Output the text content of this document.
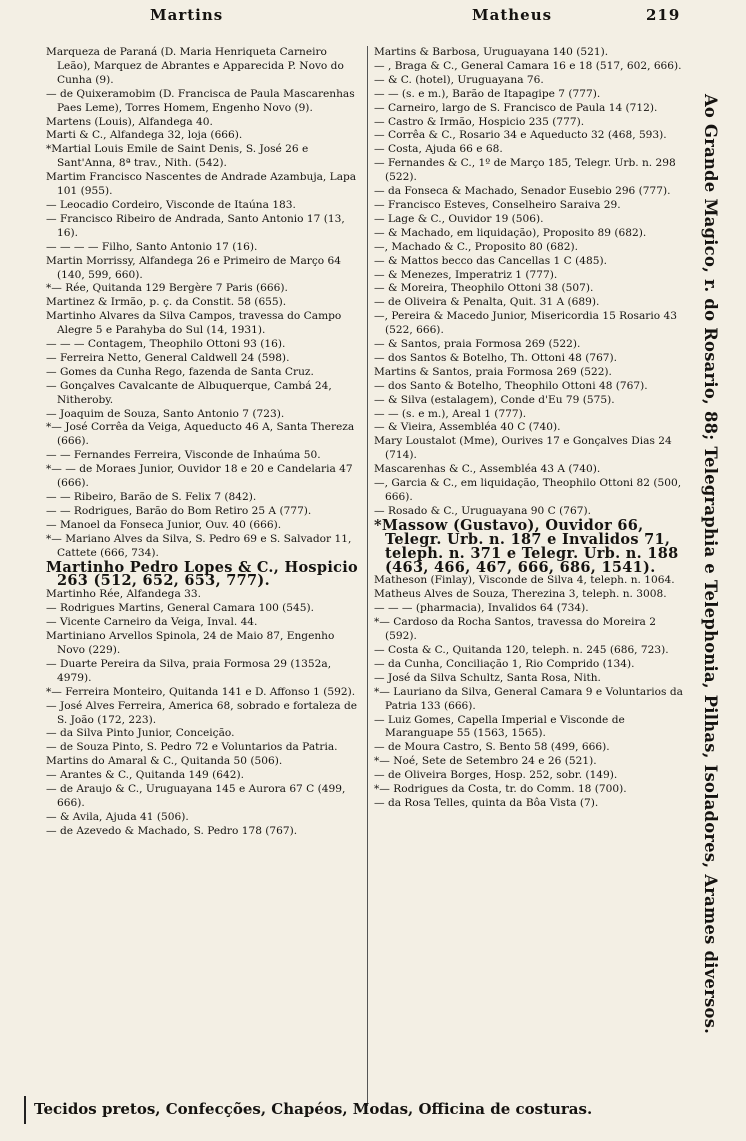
Martins	Matheus	219
Marqueza de Paraná (D. Maria Henriqueta Carneiro Leão), Marquez de Abrantes e Apparecida P. Novo do Cunha (9).
— de Quixeramobim (D. Francisca de Paula Mascarenhas Paes Leme), Torres Homem, Engenho Novo (9).
Martens (Louis), Alfandega 40.
Marti & C., Alfandega 32, loja (666).
*Martial Louis Emile de Saint Denis, S. José 26 e Sant'Anna, 8ª trav., Nith. (542).
Martim Francisco Nascentes de Andrade Azambuja, Lapa 101 (955).
— Leocadio Cordeiro, Visconde de Itaúna 183.
— Francisco Ribeiro de Andrada, Santo Antonio 17 (13, 16).
— — — — Filho, Santo Antonio 17 (16).
Martin Morrissy, Alfandega 26 e Primeiro de Março 64 (140, 599, 660).
*— Rée, Quitanda 129 Bergère 7 Paris (666).
Martinez & Irmão, p. ç. da Constit. 58 (655).
Martinho Alvares da Silva Campos, travessa do Campo Alegre 5 e Parahyba do Sul (14, 1931).
— — — Contagem, Theophilo Ottoni 93 (16).
— Ferreira Netto, General Caldwell 24 (598).
— Gomes da Cunha Rego, fazenda de Santa Cruz.
— Gonçalves Cavalcante de Albuquerque, Cambá 24, Nitheroby.
— Joaquim de Souza, Santo Antonio 7 (723).
*— José Corrêa da Veiga, Aqueducto 46 A, Santa Thereza (666).
— — Fernandes Ferreira, Visconde de Inhaúma 50.
*— — de Moraes Junior, Ouvidor 18 e 20 e Candelaria 47 (666).
— — Ribeiro, Barão de S. Felix 7 (842).
— — Rodrigues, Barão do Bom Retiro 25 A (777).
— Manoel da Fonseca Junior, Ouv. 40 (666).
*— Mariano Alves da Silva, S. Pedro 69 e S. Salvador 11, Cattete (666, 734).
Martinho Pedro Lopes & C., Hospicio 263 (512, 652, 653, 777).
Martinho Rée, Alfandega 33.
— Rodrigues Martins, General Camara 100 (545).
— Vicente Carneiro da Veiga, Inval. 44.
Martiniano Arvellos Spinola, 24 de Maio 87, Engenho Novo (229).
— Duarte Pereira da Silva, praia Formosa 29 (1352a, 4979).
*— Ferreira Monteiro, Quitanda 141 e D. Affonso 1 (592).
— José Alves Ferreira, America 68, sobrado e fortaleza de S. João (172, 223).
— da Silva Pinto Junior, Conceição.
— de Souza Pinto, S. Pedro 72 e Voluntarios da Patria.
Martins do Amaral & C., Quitanda 50 (506).
— Arantes & C., Quitanda 149 (642).
— de Araujo & C., Uruguayana 145 e Aurora 67 C (499, 666).
— & Avila, Ajuda 41 (506).
— de Azevedo & Machado, S. Pedro 178 (767).
Martins & Barbosa, Uruguayana 140 (521).
— , Braga & C., General Camara 16 e 18 (517, 602, 666).
— & C. (hotel), Uruguayana 76.
— — (s. e m.), Barão de Itapagipe 7 (777).
— Carneiro, largo de S. Francisco de Paula 14 (712).
— Castro & Irmão, Hospicio 235 (777).
— Corrêa & C., Rosario 34 e Aqueducto 32 (468, 593).
— Costa, Ajuda 66 e 68.
— Fernandes & C., 1º de Março 185, Telegr. Urb. n. 298 (522).
— da Fonseca & Machado, Senador Eusebio 296 (777).
— Francisco Esteves, Conselheiro Saraiva 29.
— Lage & C., Ouvidor 19 (506).
— & Machado, em liquidação), Proposito 89 (682).
—, Machado & C., Proposito 80 (682).
— & Mattos becco das Cancellas 1 C (485).
— & Menezes, Imperatriz 1 (777).
— & Moreira, Theophilo Ottoni 38 (507).
— de Oliveira & Penalta, Quit. 31 A (689).
—, Pereira & Macedo Junior, Misericordia 15 Rosario 43 (522, 666).
— & Santos, praia Formosa 269 (522).
— dos Santos & Botelho, Th. Ottoni 48 (767).
Martins & Santos, praia Formosa 269 (522).
— dos Santo & Botelho, Theophilo Ottoni 48 (767).
— & Silva (estalagem), Conde d'Eu 79 (575).
— — (s. e m.), Areal 1 (777).
— & Vieira, Assembléa 40 C (740).
Mary Loustalot (Mme), Ourives 17 e Gonçalves Dias 24 (714).
Mascarenhas & C., Assembléa 43 A (740).
—, Garcia & C., em liquidação, Theophilo Ottoni 82 (500, 666).
— Rosado & C., Uruguayana 90 C (767).
*Massow (Gustavo), Ouvidor 66, Telegr. Urb. n. 187 e Invalidos 71, teleph. n. 371 e Telegr. Urb. n. 188 (463, 466, 467, 666, 686, 1541).
Matheson (Finlay), Visconde de Silva 4, teleph. n. 1064.
Matheus Alves de Souza, Therezina 3, teleph. n. 3008.
— — — (pharmacia), Invalidos 64 (734).
*— Cardoso da Rocha Santos, travessa do Moreira 2 (592).
— Costa & C., Quitanda 120, teleph. n. 245 (686, 723).
— da Cunha, Conciliação 1, Rio Comprido (134).
— José da Silva Schultz, Santa Rosa, Nith.
*— Lauriano da Silva, General Camara 9 e Voluntarios da Patria 133 (666).
— Luiz Gomes, Capella Imperial e Visconde de Maranguape 55 (1563, 1565).
— de Moura Castro, S. Bento 58 (499, 666).
*— Noé, Sete de Setembro 24 e 26 (521).
— de Oliveira Borges, Hosp. 252, sobr. (149).
*— Rodrigues da Costa, tr. do Comm. 18 (700).
— da Rosa Telles, quinta da Bôa Vista (7).	Ao Grande Magico, r. do Rosario, 88; Telegraphia e Telephonia, Pilhas, Isoladores, Arames diversos.
Tecidos pretos, Confecções, Chapéos, Modas, Officina de costuras.
